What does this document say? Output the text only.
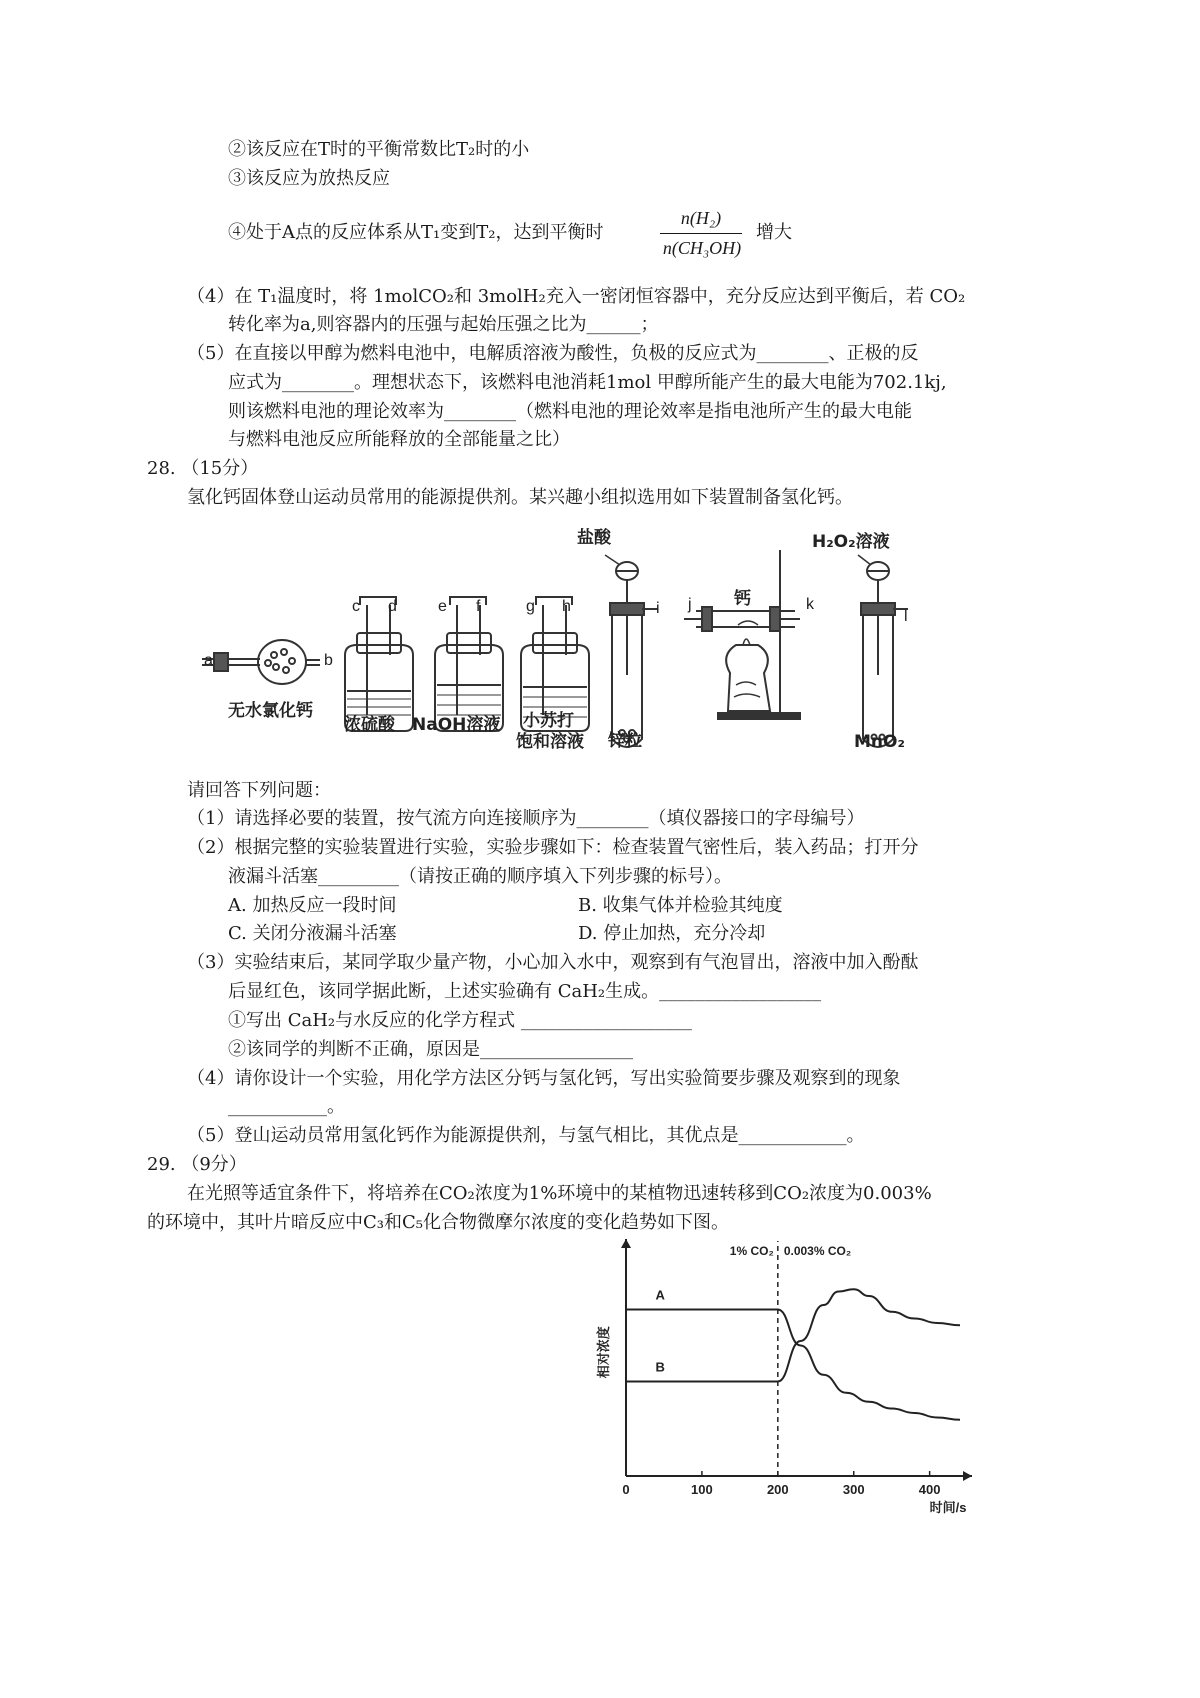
②该反应在T时的平衡常数比T₂时的小
③该反应为放热反应
④处于A点的反应体系从T₁变到T₂，达到平衡时
n(H₂)
n(CH₃OH)
增大
（4）在 T₁温度时，将 1molCO₂和 3molH₂充入一密闭恒容器中，充分反应达到平衡后，若 CO₂
转化率为a,则容器内的压强与起始压强之比为______；
（5）在直接以甲醇为燃料电池中，电解质溶液为酸性，负极的反应式为________、正极的反
应式为________。理想状态下，该燃料电池消耗1mol 甲醇所能产生的最大电能为702.1kj,
则该燃料电池的理论效率为________（燃料电池的理论效率是指电池所产生的最大电能
与燃料电池反应所能释放的全部能量之比）
28. （15分）
氢化钙固体登山运动员常用的能源提供剂。某兴趣小组拟选用如下装置制备氢化钙。
无水氯化钙
浓硫酸 NaOH溶液 小苏打
饱和溶液 锌粒
盐酸
钙
H₂O₂溶液
MnO₂
a	b
c d	e f	g h	i j	k
l
请回答下列问题：
（1）请选择必要的装置，按气流方向连接顺序为________（填仪器接口的字母编号）
（2）根据完整的实验装置进行实验，实验步骤如下：检查装置气密性后，装入药品；打开分
液漏斗活塞_________（请按正确的顺序填入下列步骤的标号）。
A. 加热反应一段时间	B. 收集气体并检验其纯度
C. 关闭分液漏斗活塞	D. 停止加热，充分冷却
（3）实验结束后，某同学取少量产物，小心加入水中，观察到有气泡冒出，溶液中加入酚酞
后显红色，该同学据此断，上述实验确有 CaH₂生成。__________________
①写出 CaH₂与水反应的化学方程式 ___________________
②该同学的判断不正确，原因是_________________
（4）请你设计一个实验，用化学方法区分钙与氢化钙，写出实验简要步骤及观察到的现象
___________。
（5）登山运动员常用氢化钙作为能源提供剂，与氢气相比，其优点是____________。
29. （9分）
在光照等适宜条件下，将培养在CO₂浓度为1%环境中的某植物迅速转移到CO₂浓度为0.003%
的环境中，其叶片暗反应中C₃和C₅化合物微摩尔浓度的变化趋势如下图。
0	100	200	300	400
时间/s
相对浓度
1% CO₂ 0.003% CO₂
A
B
